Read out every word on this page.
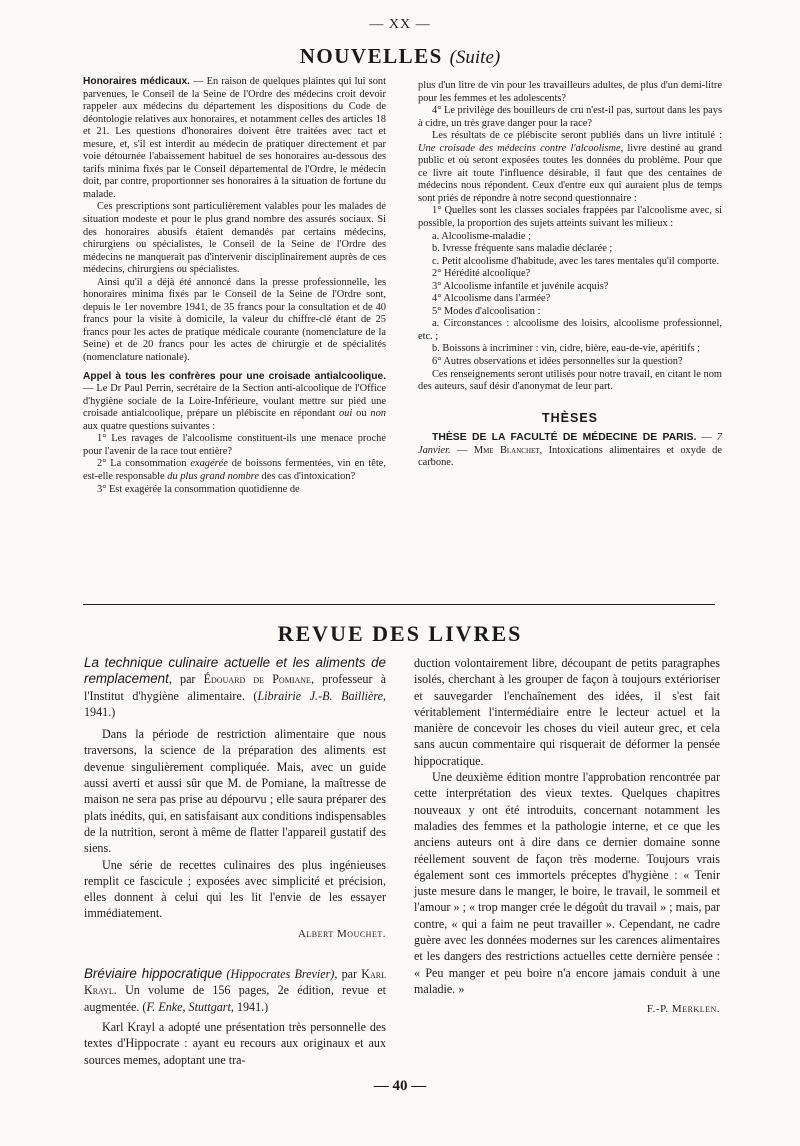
— XX —
NOUVELLES (Suite)

Honoraires médicaux. — En raison de quelques plaintes qui lui sont parvenues, le Conseil de la Seine de l'Ordre des médecins croit devoir rappeler aux médecins du département les dispositions du Code de déontologie relatives aux honoraires, et notamment celles des articles 18 et 21. Les questions d'honoraires doivent être traitées avec tact et mesure, et, s'il est interdit au médecin de pratiquer directement et par voie détournée l'abaissement habituel de ses honoraires au-dessous des tarifs minima fixés par le Conseil départemental de l'Ordre, le médecin doit, par contre, proportionner ses honoraires à la situation de fortune du malade.

Ces prescriptions sont particulièrement valables pour les malades de situation modeste et pour le plus grand nombre des assurés sociaux. Si des honoraires abusifs étaient demandés par certains médecins, chirurgiens ou spécialistes, le Conseil de la Seine de l'Ordre des médecins ne manquerait pas d'intervenir disciplinairement auprès de ces médecins, chirurgiens ou spécialistes.

Ainsi qu'il a déjà été annoncé dans la presse professionnelle, les honoraires minima fixés par le Conseil de la Seine de l'Ordre sont, depuis le 1er novembre 1941, de 35 francs pour la consultation et de 40 francs pour la visite à domicile, la valeur du chiffre-clé étant de 25 francs pour les actes de pratique médicale courante (nomenclature de la Seine) et de 20 francs pour les actes de chirurgie et de spécialités (nomenclature nationale).

Appel à tous les confrères pour une croisade antialcoolique. — Le Dr Paul Perrin, secrétaire de la Section anti-alcoolique de l'Office d'hygiène sociale de la Loire-Inférieure, voulant mettre sur pied une croisade antialcoolique, prépare un plébiscite en répondant oui ou non aux quatre questions suivantes :

1° Les ravages de l'alcoolisme constituent-ils une menace proche pour l'avenir de la race tout entière?

2° La consommation exagérée de boissons fermentées, vin en tête, est-elle responsable du plus grand nombre des cas d'intoxication?

3° Est exagérée la consommation quotidienne de

plus d'un litre de vin pour les travailleurs adultes, de plus d'un demi-litre pour les femmes et les adolescents?

4° Le privilège des bouilleurs de cru n'est-il pas, surtout dans les pays à cidre, un très grave danger pour la race?

Les résultats de ce plébiscite seront publiés dans un livre intitulé : Une croisade des médecins contre l'alcoolisme, livre destiné au grand public et où seront exposées toutes les données du problème. Pour que ce livre ait toute l'influence désirable, il faut que des centaines de médecins nous répondent. Ceux d'entre eux qui auraient plus de temps sont priés de répondre à notre second questionnaire :

1° Quelles sont les classes sociales frappées par l'alcoolisme avec, si possible, la proportion des sujets atteints suivant les milieux :

a. Alcoolisme-maladie ;

b. Ivresse fréquente sans maladie déclarée ;

c. Petit alcoolisme d'habitude, avec les tares mentales qu'il comporte.

2° Hérédité alcoolique?

3° Alcoolisme infantile et juvénile acquis?

4° Alcoolisme dans l'armée?

5° Modes d'alcoolisation :

a. Circonstances : alcoolisme des loisirs, alcoolisme professionnel, etc. ;

b. Boissons à incriminer : vin, cidre, bière, eau-de-vie, apéritifs ;

6° Autres observations et idées personnelles sur la question?

Ces renseignements seront utilisés pour notre travail, en citant le nom des auteurs, sauf désir d'anonymat de leur part.

THÈSES

THÈSE DE LA FACULTÉ DE MÉDECINE DE PARIS. — 7 Janvier. — Mme Blanchet, Intoxications alimentaires et oxyde de carbone.

REVUE DES LIVRES

La technique culinaire actuelle et les aliments de remplacement, par Édouard de Pomiane, professeur à l'Institut d'hygiène alimentaire. (Librairie J.-B. Baillière, 1941.)

Dans la période de restriction alimentaire que nous traversons, la science de la préparation des aliments est devenue singulièrement compliquée. Mais, avec un guide aussi averti et aussi sûr que M. de Pomiane, la maîtresse de maison ne sera pas prise au dépourvu ; elle saura préparer des plats inédits, qui, en satisfaisant aux conditions indispensables de la nutrition, seront à même de flatter l'appareil gustatif des siens.

Une série de recettes culinaires des plus ingénieuses remplit ce fascicule ; exposées avec simplicité et précision, elles donnent à celui qui les lit l'envie de les essayer immédiatement.

Albert Mouchet.

Bréviaire hippocratique (Hippocrates Brevier), par Karl Krayl. Un volume de 156 pages, 2e édition, revue et augmentée. (F. Enke, Stuttgart, 1941.)

Karl Krayl a adopté une présentation très personnelle des textes d'Hippocrate : ayant eu recours aux originaux et aux sources memes, adoptant une tra-

duction volontairement libre, découpant de petits paragraphes isolés, cherchant à les grouper de façon à toujours extérioriser et sauvegarder l'enchaînement des idées, il s'est fait véritablement l'intermédiaire entre le lecteur actuel et la manière de concevoir les choses du vieil auteur grec, et cela sans aucun commentaire qui risquerait de déformer la pensée hippocratique.

Une deuxième édition montre l'approbation rencontrée par cette interprétation des vieux textes. Quelques chapitres nouveaux y ont été introduits, concernant notamment les maladies des femmes et la pathologie interne, et ce que les anciens auteurs ont à dire dans ce dernier domaine sonne réellement souvent de façon très moderne. Toujours vrais également sont ces immortels préceptes d'hygiène : « Tenir juste mesure dans le manger, le boire, le travail, le sommeil et l'amour » ; « trop manger crée le dégoût du travail » ; mais, par contre, « qui a faim ne peut travailler ». Cependant, ne cadre guère avec les données modernes sur les carences alimentaires et les dangers des restrictions actuelles cette dernière pensée : « Peu manger et peu boire n'a encore jamais conduit à une maladie. »

F.-P. Merklen.
— 40 —
